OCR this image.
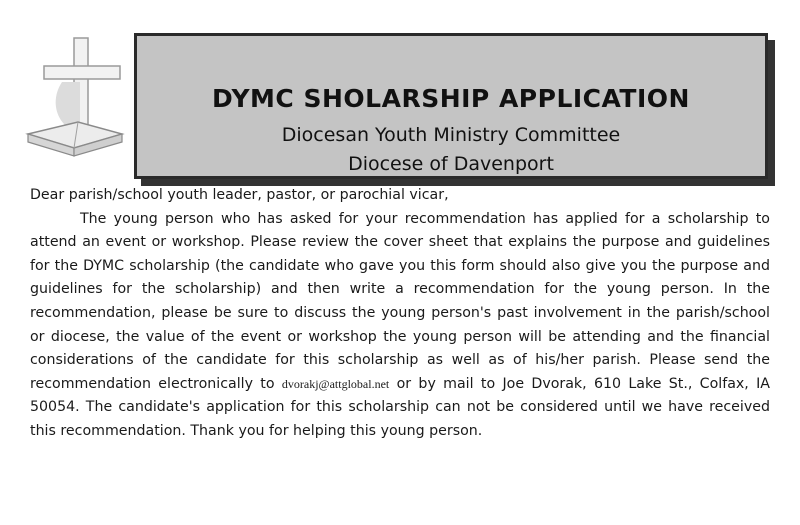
DYMC SHOLARSHIP APPLICATION
Diocesan Youth Ministry Committee
Diocese of Davenport
Dear parish/school youth leader, pastor, or parochial vicar,

The young person who has asked for your recommendation has applied for a scholarship to attend an event or workshop. Please review the cover sheet that explains the purpose and guidelines for the DYMC scholarship (the candidate who gave you this form should also give you the purpose and guidelines for the scholarship) and then write a recommendation for the young person. In the recommendation, please be sure to discuss the young person's past involvement in the parish/school or diocese, the value of the event or workshop the young person will be attending and the financial considerations of the candidate for this scholarship as well as of his/her parish. Please send the recommendation electronically to dvorakj@attglobal.net or by mail to Joe Dvorak, 610 Lake St., Colfax, IA 50054. The candidate's application for this scholarship can not be considered until we have received this recommendation. Thank you for helping this young person.
